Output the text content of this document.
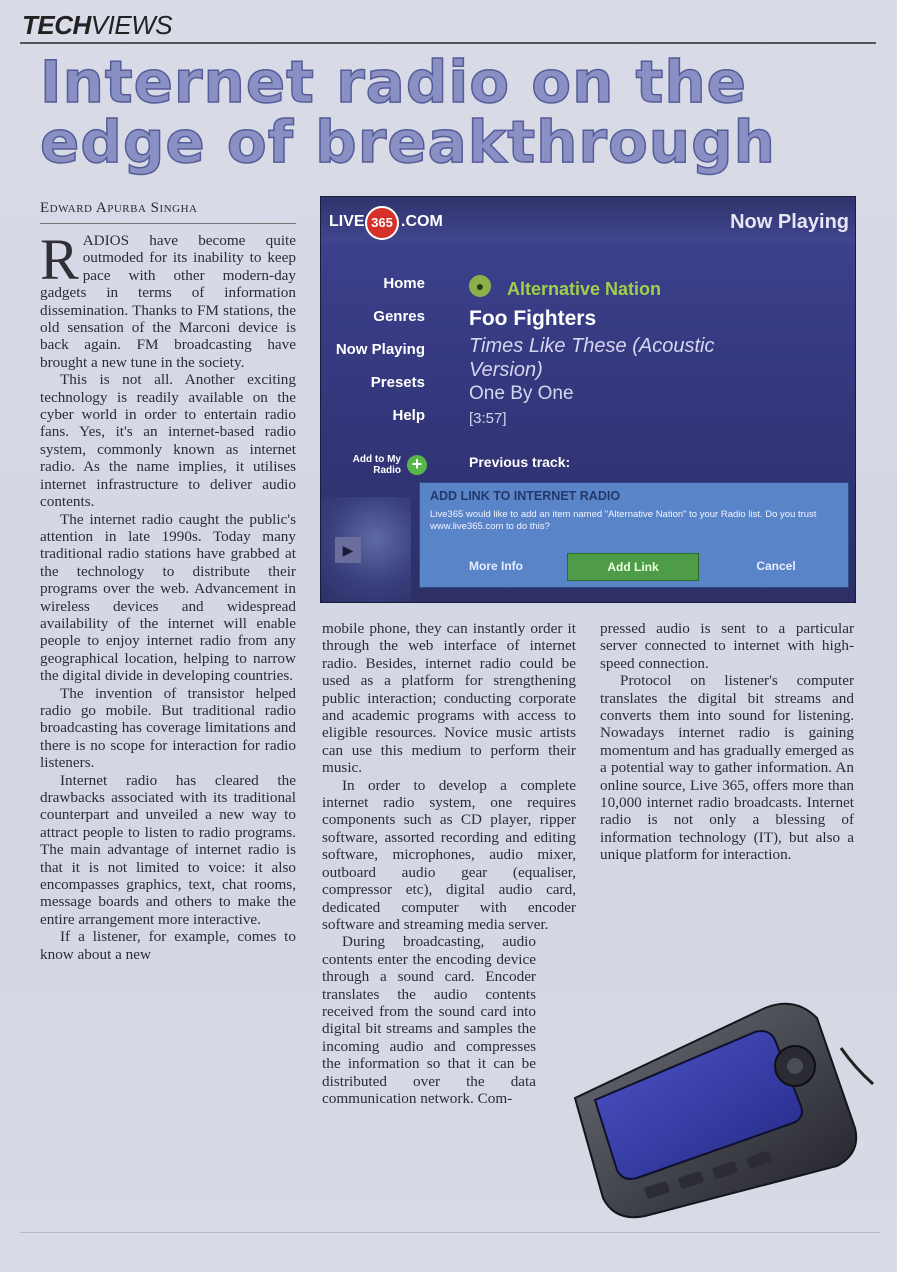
TECHVIEWS
Internet radio on the
edge of breakthrough
Edward Apurba Singha

RADIOS have become quite outmoded for its inability to keep pace with other modern-day gadgets in terms of information dissemination. Thanks to FM stations, the old sensation of the Marconi device is back again. FM broadcasting have brought a new tune in the society.

This is not all. Another exciting technology is readily available on the cyber world in order to entertain radio fans. Yes, it's an internet-based radio system, commonly known as internet radio. As the name implies, it utilises internet infrastructure to deliver audio contents.

The internet radio caught the public's attention in late 1990s. Today many traditional radio stations have grabbed at the technology to distribute their programs over the web. Advancement in wireless devices and widespread availability of the internet will enable people to enjoy internet radio from any geographical location, helping to narrow the digital divide in developing countries.

The invention of transistor helped radio go mobile. But traditional radio broadcasting has coverage limitations and there is no scope for interaction for radio listeners.

Internet radio has cleared the drawbacks associated with its traditional counterpart and unveiled a new way to attract people to listen to radio programs. The main advantage of internet radio is that it is not limited to voice: it also encompasses graphics, text, chat rooms, message boards and others to make the entire arrangement more interactive.

If a listener, for example, comes to know about a new

LIVE 365 .COM	Now Playing
Home
Genres
Now Playing
Presets
Help
Add to My Radio +
●	Alternative Nation
Foo Fighters
Times Like These (Acoustic Version)
One By One
[3:57]
Previous track:
▶
ADD LINK TO INTERNET RADIO
Live365 would like to add an item named "Alternative Nation" to your Radio list. Do you trust www.live365.com to do this?
More Info	Add Link	Cancel

mobile phone, they can instantly order it through the web interface of internet radio. Besides, internet radio could be used as a platform for strengthening public interaction; conducting corporate and academic programs with access to eligible resources. Novice music artists can use this medium to perform their music.

In order to develop a complete internet radio system, one requires components such as CD player, ripper software, assorted recording and editing software, microphones, audio mixer, outboard audio gear (equaliser, compressor etc), digital audio card, dedicated computer with encoder software and streaming media server.

During broadcasting, audio contents enter the encoding device through a sound card. Encoder translates the audio contents received from the sound card into digital bit streams and samples the incoming audio and compresses the information so that it can be distributed over the data communication network. Com-

pressed audio is sent to a particular server connected to internet with high-speed connection.

Protocol on listener's computer translates the digital bit streams and converts them into sound for listening. Nowadays internet radio is gaining momentum and has gradually emerged as a potential way to gather information. An online source, Live 365, offers more than 10,000 internet radio broadcasts. Internet radio is not only a blessing of information technology (IT), but also a unique platform for interaction.
